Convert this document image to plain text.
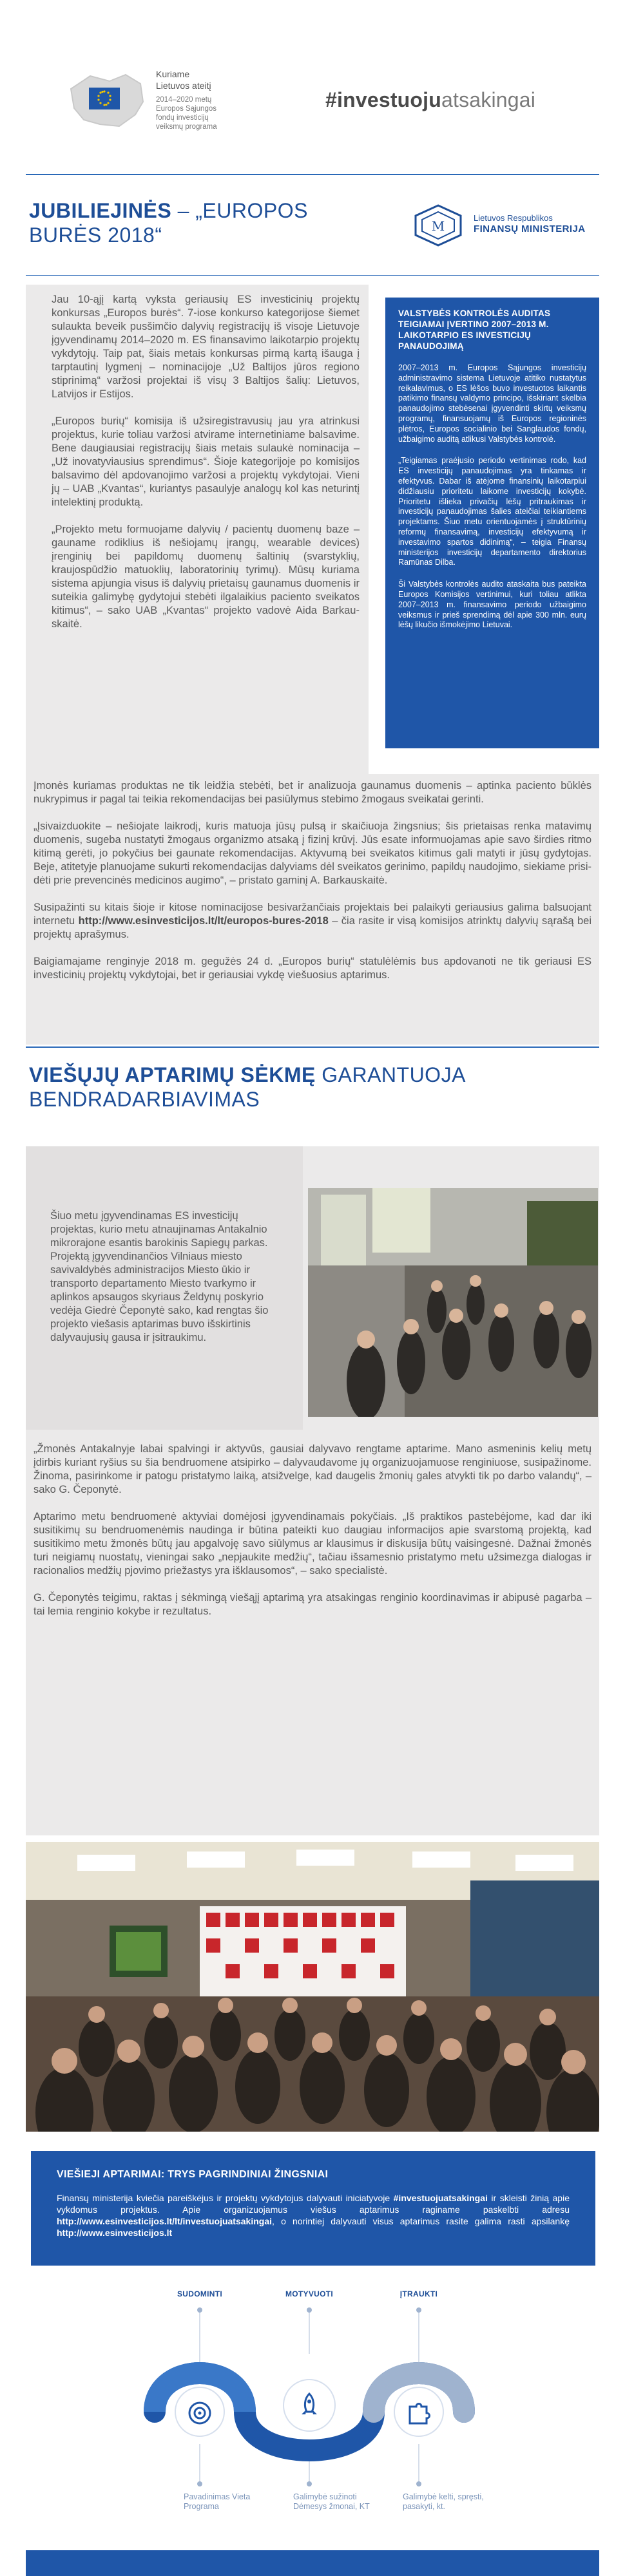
Kuriame
Lietuvos ateitį
2014–2020 metų
Europos Sąjungos
fondų investicijų
veiksmų programa
#investuojuatsakingai
JUBILIEJINĖS – „EUROPOS BURĖS 2018“	M
Lietuvos Respublikos
FINANSŲ MINISTERIJA

Jau 10-ąjį kartą vyksta geriausių ES investicinių projektų konkursas „Europos burės“. 7-iose konkurso kategorijose šiemet sulaukta beveik pusšimčio dalyvių registracijų iš visoje Lietuvoje įgyvendinamų 2014–2020 m. ES finansavimo laikotarpio projektų vykdytojų. Taip pat, šiais metais konkursas pirmą kartą išauga į tarptautinį lygmenį – nominacijoje „Už Baltijos jūros regiono stiprinimą“ varžosi projektai iš visų 3 Baltijos šalių: Lietuvos, Latvijos ir Estijos.

„Europos burių“ komisija iš užsiregistravusių jau yra atrinkusi projektus, kurie toliau varžosi atvirame internetiniame balsavime. Bene daugiausiai registracijų šiais metais sulaukė nominacija – „Už inovatyviausius sprendimus“. Šioje kategorijoje po komisijos balsavimo dėl apdovanojimo varžosi a projektų vykdytojai. Vieni jų – UAB „Kvantas“, kuriantys pasaulyje analogų kol kas neturintį intelektinį produktą.

„Projekto metu formuojame dalyvių / pacientų duomenų baze – gauname rodiklius iš nešiojamų įrangų, wearable devices) įrenginių bei papildomų duomenų šaltinių (svarstyklių, kraujospūdžio matuoklių, laboratorinių tyrimų). Mūsų kuriama sistema apjungia visus iš dalyvių prietaisų gaunamus duomenis ir suteikia galimybę gydytojui stebėti ilgalaikius paciento sveikatos kitimus“, – sako UAB „Kvantas“ projekto vadovė Aida Barkauskaitė.

VALSTYBĖS KONTROLĖS AUDITAS TEIGIAMAI ĮVERTINO 2007–2013 M. LAIKOTARPIO ES INVESTICIJŲ PANAUDOJIMĄ

2007–2013 m. Europos Sąjungos investicijų administravimo sistema Lietuvoje atitiko nustatytus reikalavimus, o ES lėšos buvo investuotos laikantis patikimo finansų valdymo principo, išskiriant skelbia panaudojimo stebėsenai įgyvendinti skirtų veiksmų programų, finansuojamų iš Europos regioninės plėtros, Europos socialinio bei Sanglaudos fondų, užbaigimo auditą atlikusi Valstybės kontrolė.

„Teigiamas praėjusio periodo vertinimas rodo, kad ES investicijų panaudojimas yra tinkamas ir efektyvus. Dabar iš atėjome finansinių laikotarpiui didžiausiu prioritetu laikome investicijų kokybė. Prioritetu išlieka privačių lėšų pritraukimas ir investicijų panaudojimas šalies ateičiai teikiantiems projektams. Šiuo metu orientuojamės į struktūrinių reformų finansavimą, investicijų efektyvumą ir investavimo spartos didinimą“, – teigia Finansų ministerijos investicijų departamento direktorius Ramūnas Dilba.

Ši Valstybės kontrolės audito ataskaita bus pateikta Europos Komisijos vertinimui, kuri toliau atlikta 2007–2013 m. finansavimo periodo užbaigimo veiksmus ir prieš sprendimą dėl apie 300 mln. eurų lėšų likučio išmokėjimo Lietuvai.

Įmonės kuriamas produktas ne tik leidžia stebėti, bet ir analizuoja gaunamus duomenis – aptinka paciento būklės nukrypimus ir pagal tai teikia rekomendacijas bei pasiūlymus stebimo žmogaus sveikatai gerinti.

„Įsivaizduokite – nešiojate laikrodį, kuris matuoja jūsų pulsą ir skaičiuoja žingsnius; šis prietaisas renka matavimų duomenis, sugeba nustatyti žmogaus organizmo atsaką į fizinį krūvį. Jūs esate informuojamas apie savo širdies ritmo kitimą gerėti, jo pokyčius bei gaunate rekomendacijas. Aktyvumą bei sveikatos kitimus gali matyti ir jūsų gydytojas. Beje, atitetyje planuojame sukurti rekomendacijas dalyviams dėl sveikatos gerinimo, papildų naudojimo, siekiame prisidėti prie prevencinės medicinos augimo“, – pristato gaminį A. Barkauskaitė.

Susipažinti su kitais šioje ir kitose nominacijose besivaržančiais projektais bei palaikyti geriausius galima balsuojant internetu http://www.esinvesticijos.lt/lt/europos-bures-2018 – čia rasite ir visą komisijos atrinktų dalyvių sąrašą bei projektų aprašymus.

Baigiamajame renginyje 2018 m. gegužės 24 d. „Europos burių“ statulėlėmis bus apdovanoti ne tik geriausi ES investicinių projektų vykdytojai, bet ir geriausiai vykdę viešuosius aptarimus.

VIEŠŲJŲ APTARIMŲ SĖKMĘ GARANTUOJA BENDRADARBIAVIMAS

Šiuo metu įgyvendinamas ES investicijų projektas, kurio metu atnaujinamas Antakalnio mikrorajone esantis barokinis Sapiegų parkas. Projektą įgyvendinančios Vilniaus miesto savivaldybės administracijos Miesto ūkio ir transporto departamento Miesto tvarkymo ir aplinkos apsaugos skyriaus Želdynų poskyrio vedėja Giedrė Čeponytė sako, kad rengtas šio projekto viešasis aptarimas buvo išskirtinis dalyvaujusių gausa ir įsitraukimu.

„Žmonės Antakalnyje labai spalvingi ir aktyvūs, gausiai dalyvavo rengtame aptarime. Mano asmeninis kelių metų įdirbis kuriant ryšius su šia bendruomene atsipirko – dalyvaudavome jų organizuojamuose renginiuose, susipažinome. Žinoma, pasirinkome ir patogu pristatymo laiką, atsižvelge, kad daugelis žmonių gales atvykti tik po darbo valandų“, – sako G. Čeponytė.

Aptarimo metu bendruomenė aktyviai domėjosi įgyvendinamais pokyčiais. „Iš praktikos pastebėjome, kad dar iki susitikimų su bendruomenėmis naudinga ir būtina pateikti kuo daugiau informacijos apie svarstomą projektą, kad susitikimo metu žmonės būtų jau apgalvoję savo siūlymus ar klausimus ir diskusija būtų vaisingesnė. Dažnai žmonės turi neigiamų nuostatų, vieningai sako „nepjaukite medžių“, tačiau išsamesnio pristatymo metu užsimezga dialogas ir racionalios medžių pjovimo priežastys yra išklausomos“, – sako specialistė.

G. Čeponytės teigimu, raktas į sėkmingą viešąjį aptarimą yra atsakingas renginio koordinavimas ir abipusė pagarba – tai lemia renginio kokybe ir rezultatus.

VIEŠIEJI APTARIMAI: TRYS PAGRINDINIAI ŽINGSNIAI

Finansų ministerija kviečia pareiškėjus ir projektų vykdytojus dalyvauti iniciatyvoje #investuojuatsakingai ir skleisti žinią apie vykdomus projektus. Apie organizuojamus viešus aptarimus raginame paskelbti adresu http://www.esinvesticijos.lt/lt/investuojuatsakingai, o norintiej dalyvauti visus aptarimus rasite galima rasti apsilankę http://www.esinvesticijos.lt

SUDOMINTI	MOTYVUOTI	ĮTRAUKTI
Pavadinimas Vieta Programa
Galimybė sužinoti Dėmesys žmonai, KT
Galimybė kelti, spręsti, pasakyti, kt.
